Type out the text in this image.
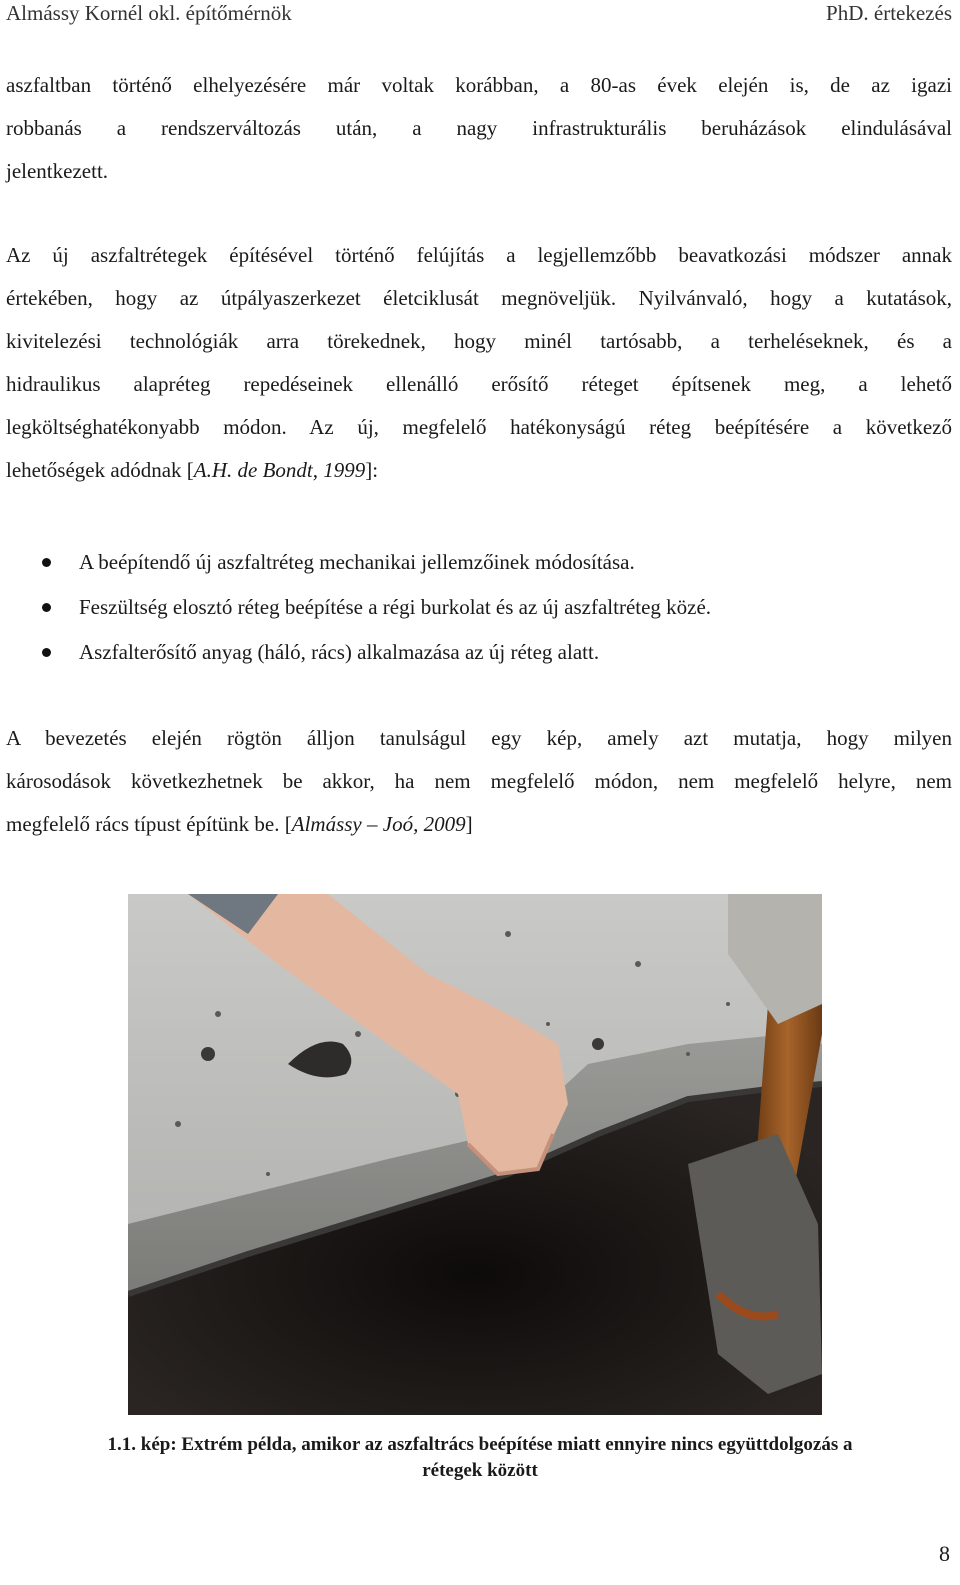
Almássy Kornél okl. építőmérnök	PhD. értekezés

aszfaltban történő elhelyezésére már voltak korábban, a 80-as évek elején is, de az igazi
robbanás a rendszerváltozás után, a nagy infrastrukturális beruházások elindulásával
jelentkezett.

Az új aszfaltrétegek építésével történő felújítás a legjellemzőbb beavatkozási módszer annak
értekében, hogy az útpályaszerkezet életciklusát megnöveljük. Nyilvánvaló, hogy a kutatások,
kivitelezési technológiák arra törekednek, hogy minél tartósabb, a terheléseknek, és a
hidraulikus alapréteg repedéseinek ellenálló erősítő réteget építsenek meg, a lehető
legköltséghatékonyabb módon. Az új, megfelelő hatékonyságú réteg beépítésére a következő
lehetőségek adódnak [A.H. de Bondt, 1999]:

A beépítendő új aszfaltréteg mechanikai jellemzőinek módosítása.
Feszültség elosztó réteg beépítése a régi burkolat és az új aszfaltréteg közé.
Aszfalterősítő anyag (háló, rács) alkalmazása az új réteg alatt.

A bevezetés elején rögtön álljon tanulságul egy kép, amely azt mutatja, hogy milyen
károsodások következhetnek be akkor, ha nem megfelelő módon, nem megfelelő helyre, nem
megfelelő rács típust építünk be. [Almássy – Joó, 2009]

1.1. kép: Extrém példa, amikor az aszfaltrács beépítése miatt ennyire nincs együttdolgozás a
rétegek között
8
